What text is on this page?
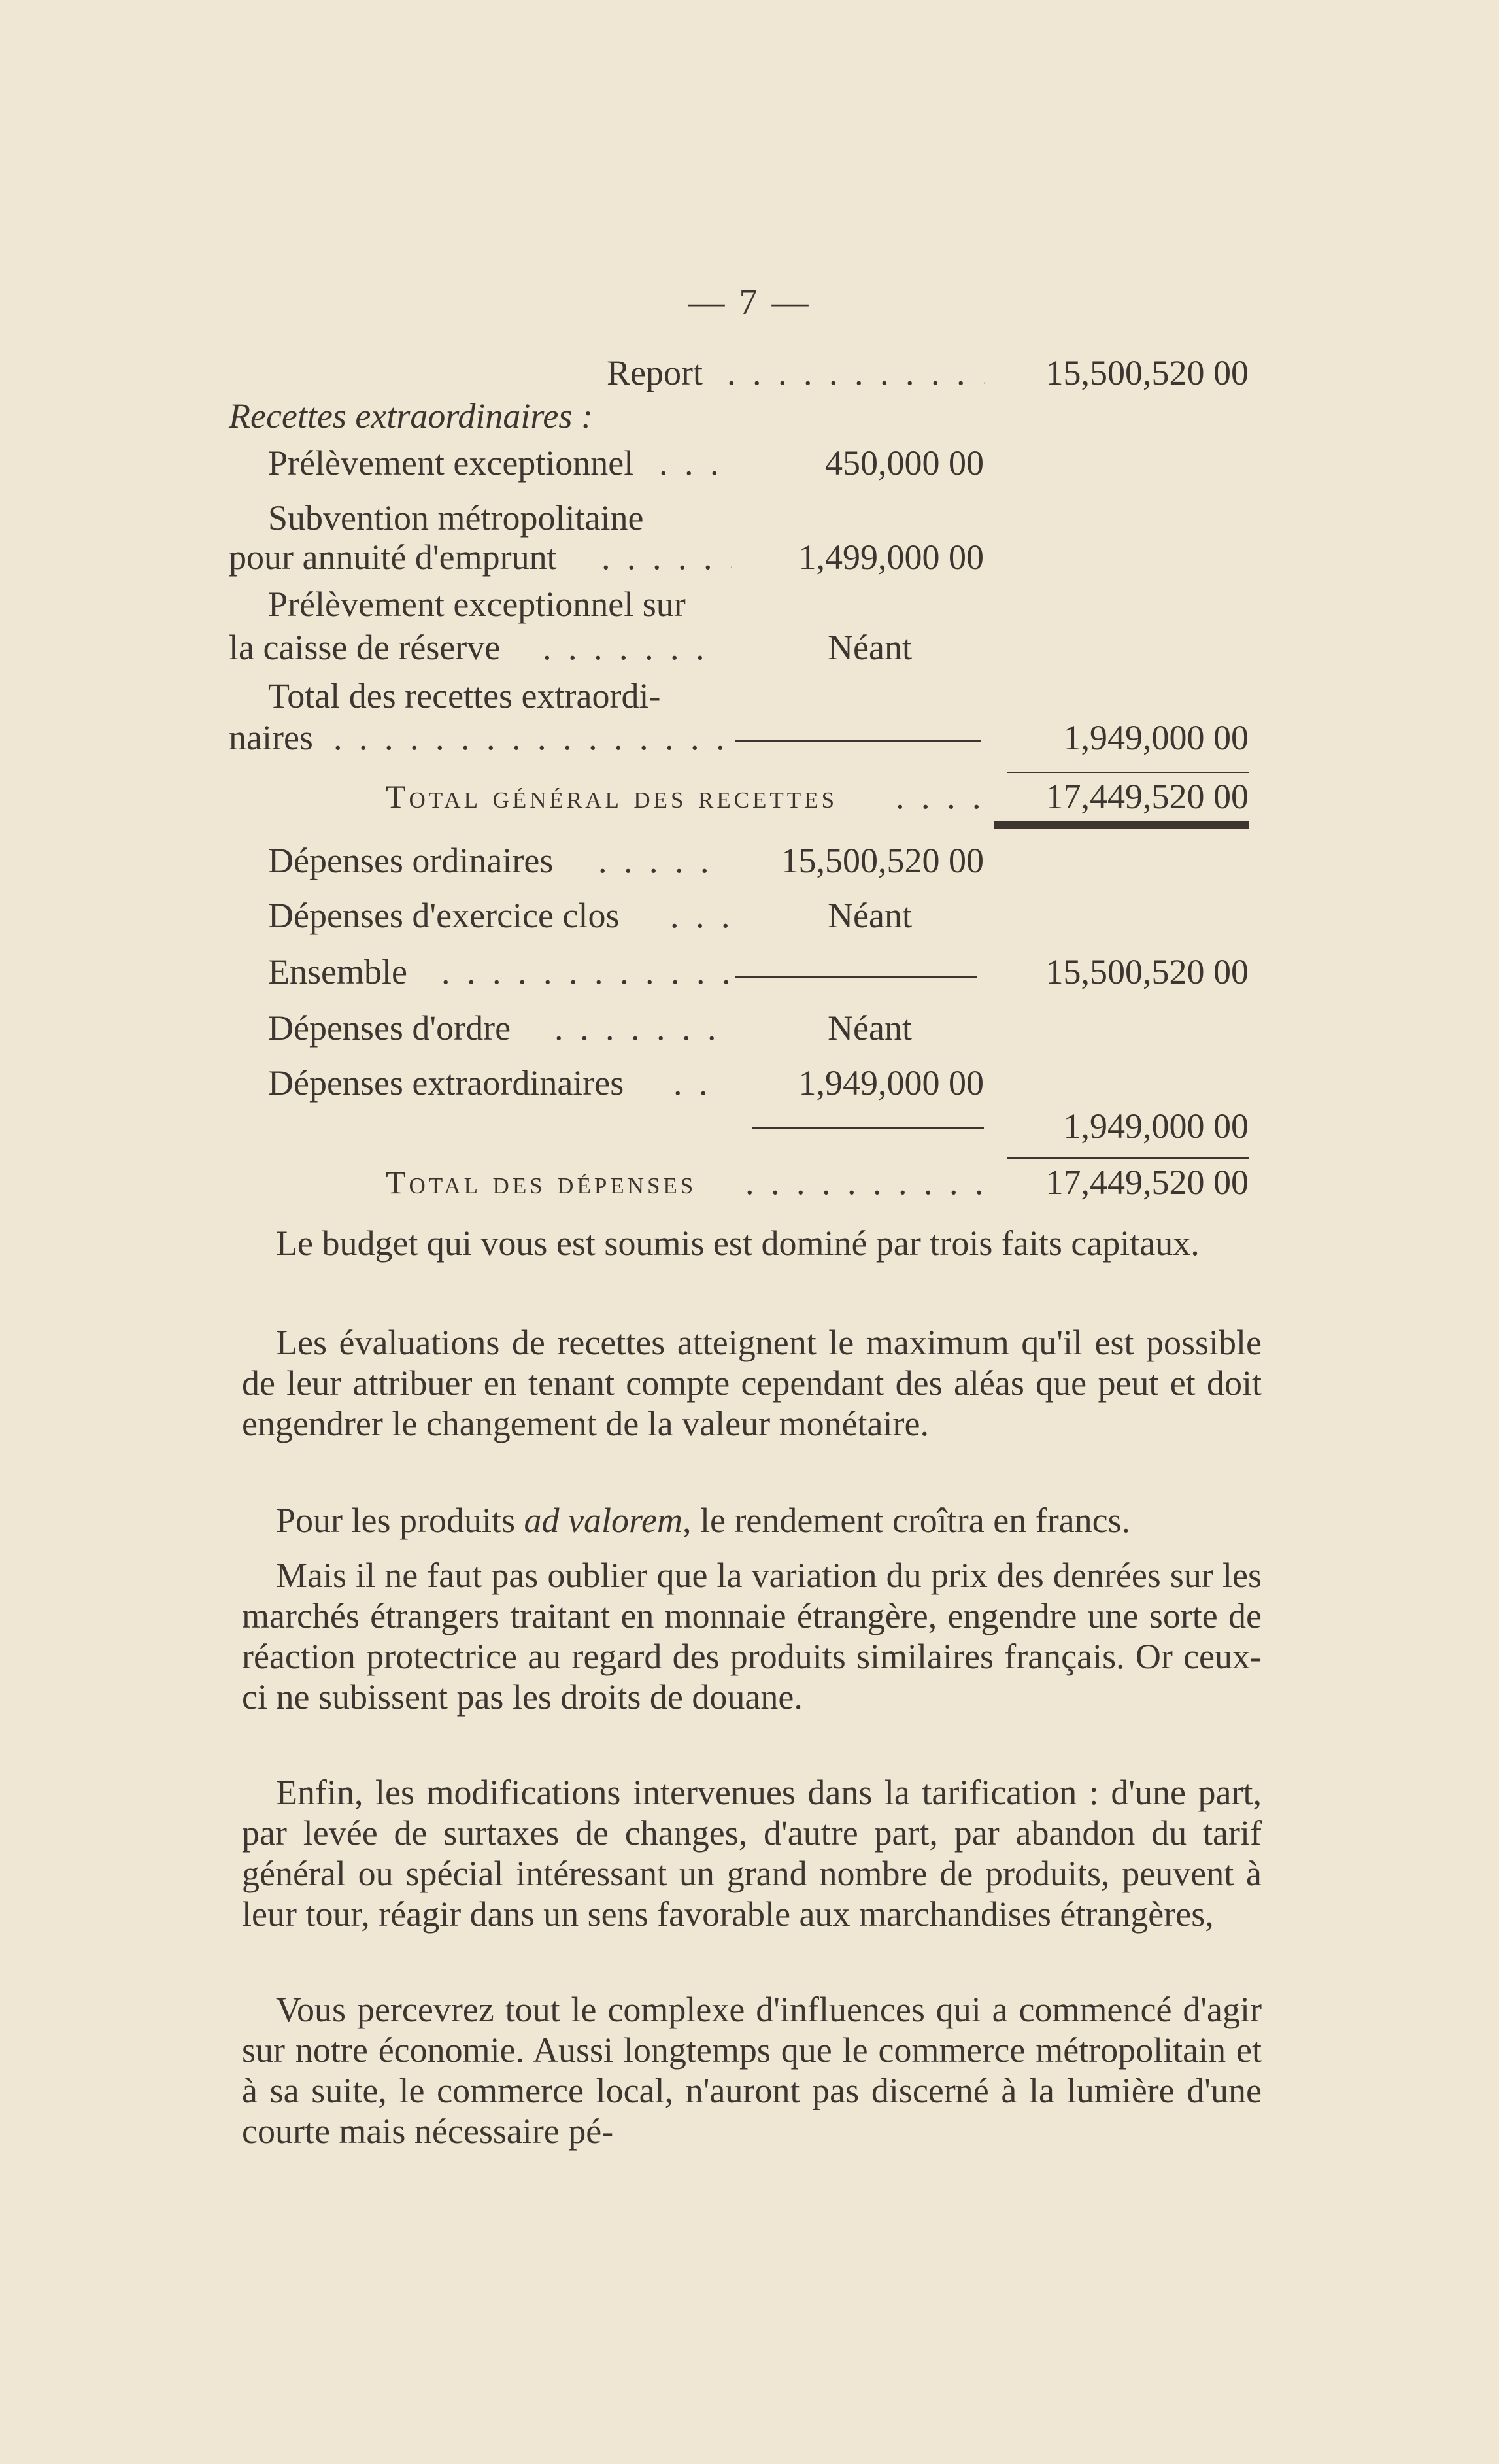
— 7 —
Report . . .	15,500,520 00
Recettes extraordinaires :
Prélèvement exceptionnel . . .	450,000 00
Subvention métropolitaine
pour annuité d'emprunt . . .	1,499,000 00
Prélèvement exceptionnel sur
la caisse de réserve . . .	Néant
Total des recettes extraordi-
naires . . .	1,949,000 00
Total général des recettes . . .	17,449,520 00
Dépenses ordinaires . . .	15,500,520 00
Dépenses d'exercice clos . . .	Néant
Ensemble . . .	15,500,520 00
Dépenses d'ordre . . .	Néant
Dépenses extraordinaires . . .	1,949,000 00
1,949,000 00
Total des dépenses . . .	17,449,520 00
Le budget qui vous est soumis est dominé par trois faits capitaux.
Les évaluations de recettes atteignent le maximum qu'il est possible de leur attribuer en tenant compte cependant des aléas que peut et doit engendrer le changement de la valeur monétaire.
Pour les produits ad valorem, le rendement croîtra en francs.
Mais il ne faut pas oublier que la variation du prix des denrées sur les marchés étrangers traitant en monnaie étrangère, engendre une sorte de réaction protectrice au regard des produits similaires français. Or ceux-ci ne subissent pas les droits de douane.
Enfin, les modifications intervenues dans la tarification : d'une part, par levée de surtaxes de changes, d'autre part, par abandon du tarif général ou spécial intéressant un grand nombre de produits, peuvent à leur tour, réagir dans un sens favorable aux marchandises étrangères,
Vous percevrez tout le complexe d'influences qui a commencé d'agir sur notre économie. Aussi longtemps que le commerce métropolitain et à sa suite, le commerce local, n'auront pas discerné à la lumière d'une courte mais nécessaire pé-
